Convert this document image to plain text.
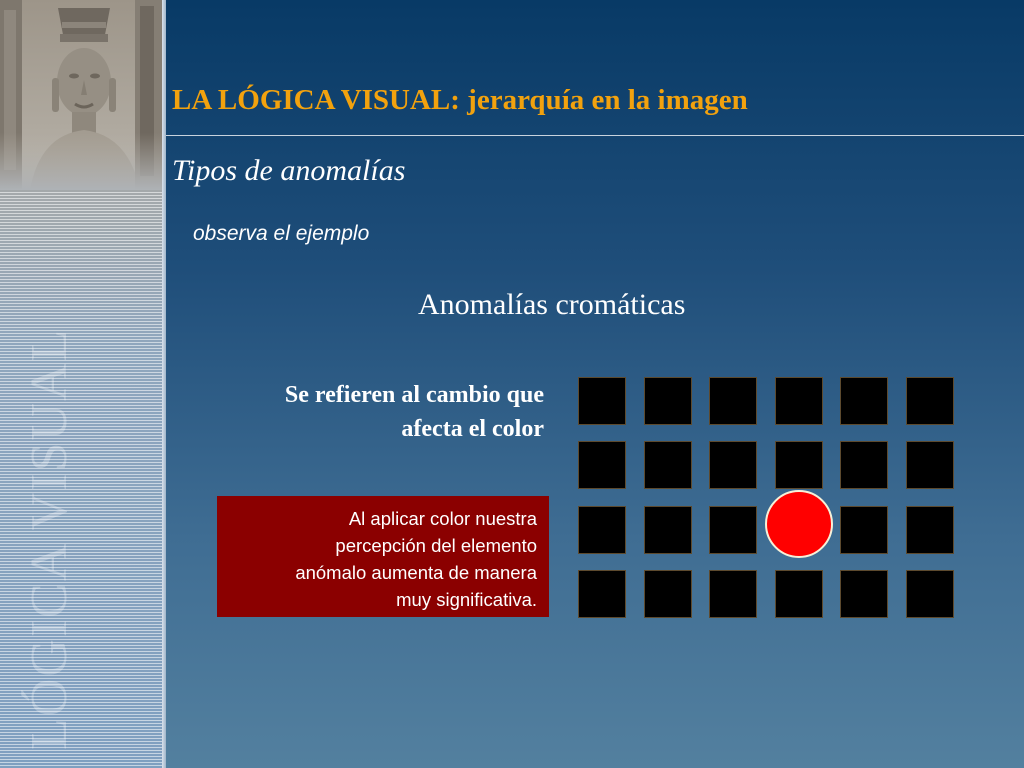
LÓGICA VISUAL
LA LÓGICA VISUAL: jerarquía en la imagen
Tipos de anomalías
observa el ejemplo
Anomalías cromáticas
Se refieren al cambio que
afecta el color
Al aplicar color nuestra
percepción del elemento
anómalo aumenta de manera
muy significativa.
